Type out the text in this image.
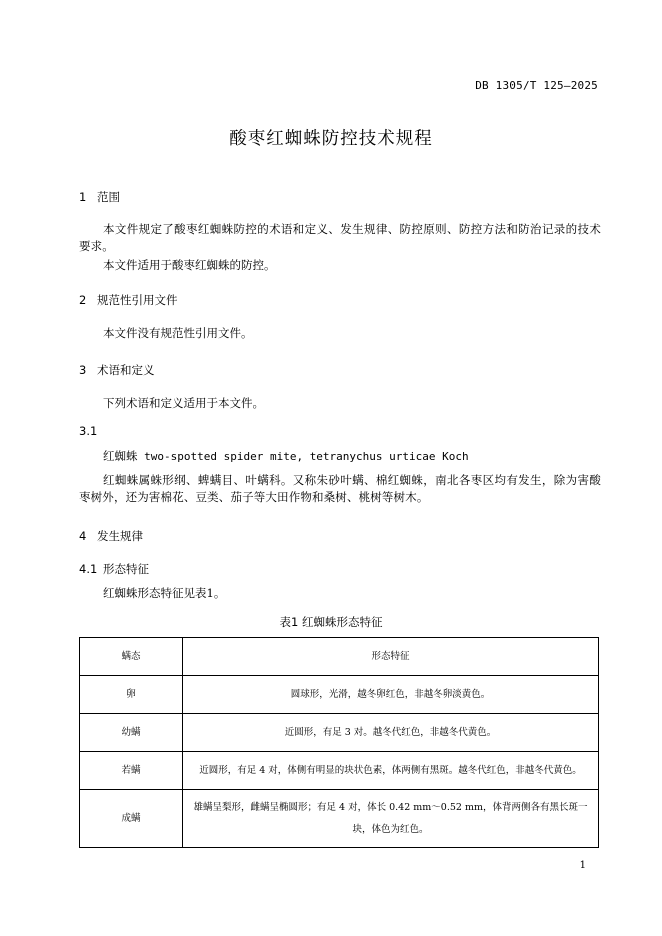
DB 1305/T 125—2025
酸枣红蜘蛛防控技术规程
1 范围
本文件规定了酸枣红蜘蛛防控的术语和定义、发生规律、防控原则、防控方法和防治记录的技术要求。
本文件适用于酸枣红蜘蛛的防控。
2 规范性引用文件
本文件没有规范性引用文件。
3 术语和定义
下列术语和定义适用于本文件。
3.1
红蜘蛛 two-spotted spider mite, tetranychus urticae Koch
红蜘蛛属蛛形纲、蜱螨目、叶螨科。又称朱砂叶螨、棉红蜘蛛，南北各枣区均有发生，除为害酸枣树外，还为害棉花、豆类、茄子等大田作物和桑树、桃树等树木。
4 发生规律
4.1 形态特征
红蜘蛛形态特征见表1。
表1 红蜘蛛形态特征
螨态	形态特征
卵	圆球形，光滑，越冬卵红色，非越冬卵淡黄色。
幼螨	近圆形，有足 3 对。越冬代红色，非越冬代黄色。
若螨	近圆形，有足 4 对，体侧有明显的块状色素，体两侧有黑斑。越冬代红色，非越冬代黄色。
成螨	雄螨呈梨形，雌螨呈椭圆形；有足 4 对，体长 0.42 mm～0.52 mm，体背两侧各有黑长斑一块，体色为红色。
1
